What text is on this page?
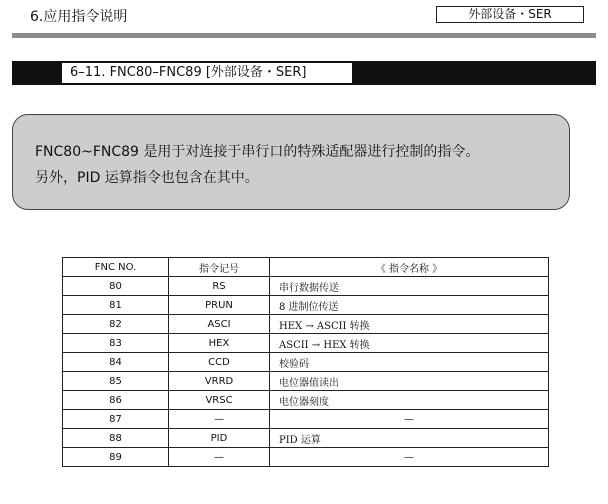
6.应用指令说明	外部设备・SER
6–11. FNC80–FNC89 [外部设备・SER]
FNC80~FNC89 是用于对连接于串行口的特殊适配器进行控制的指令。
另外，PID 运算指令也包含在其中。
FNC NO.	指令记号	《 指令名称 》
80	RS	串行数据传送
81	PRUN	8 进制位传送
82	ASCI	HEX → ASCII 转换
83	HEX	ASCII → HEX 转换
84	CCD	校验码
85	VRRD	电位器值读出
86	VRSC	电位器刻度
87	—	—
88	PID	PID 运算
89	—	—
